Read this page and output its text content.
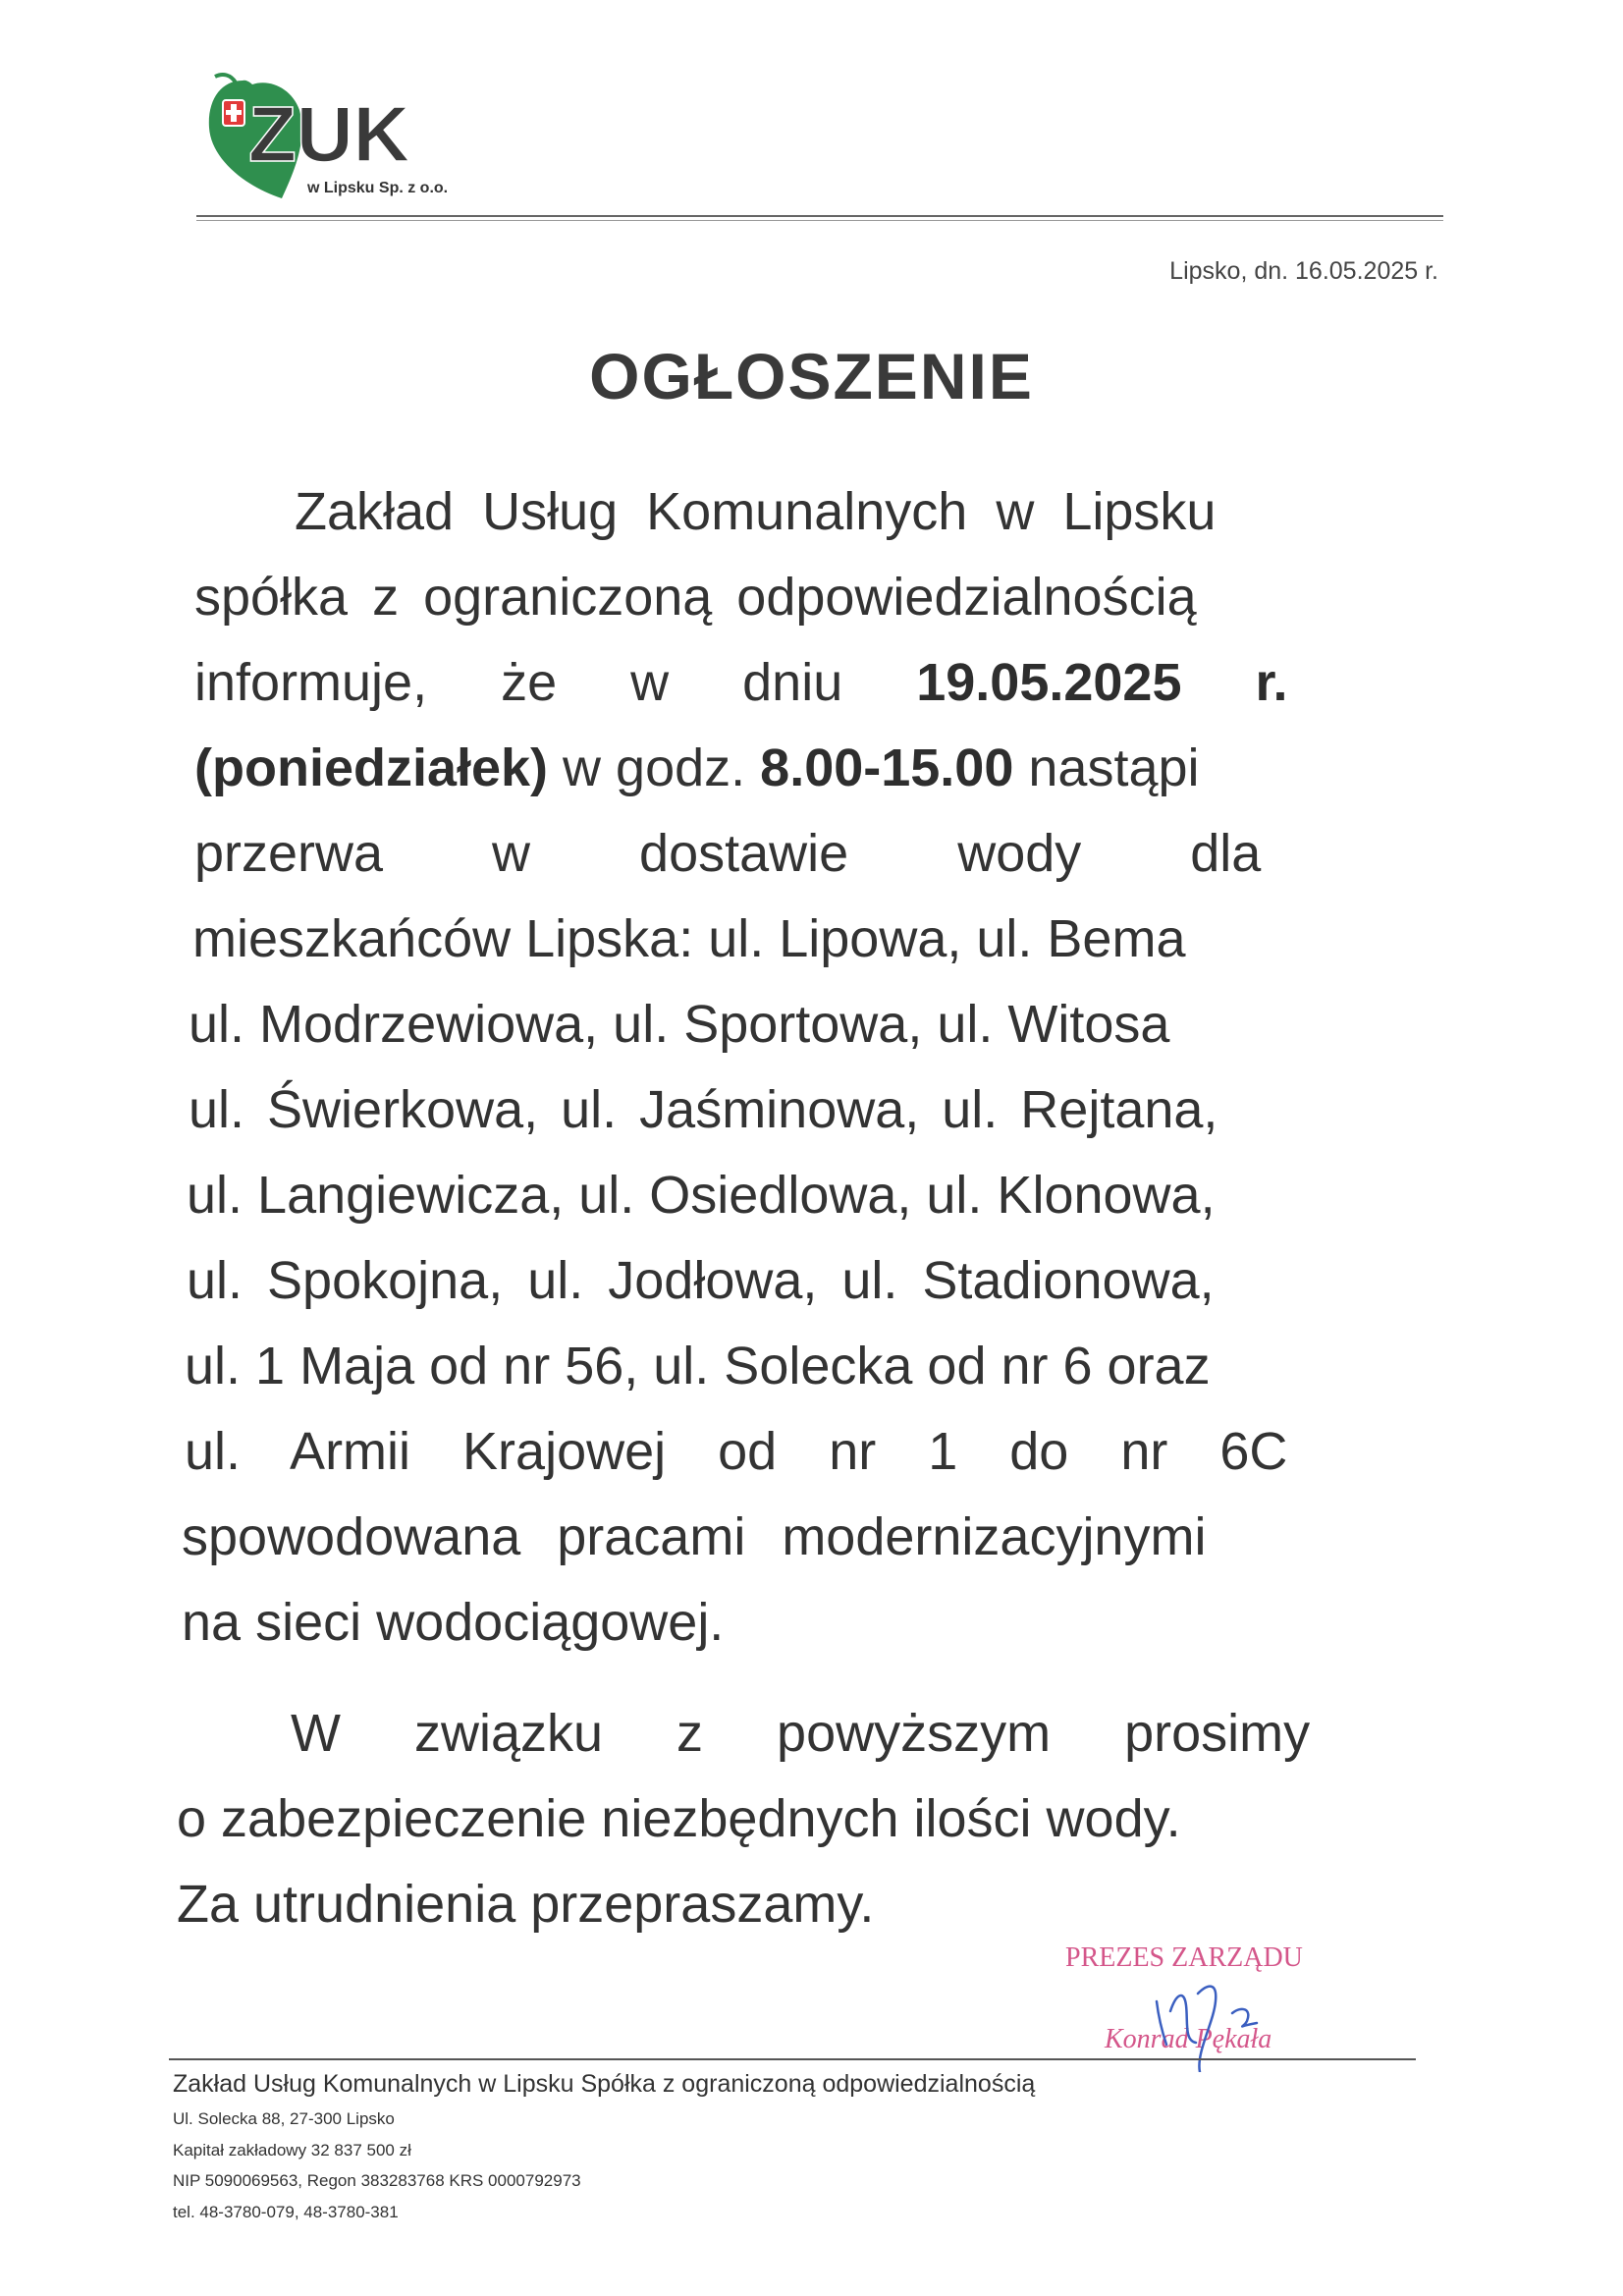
ZUK
w Lipsku Sp. z o.o.
Lipsko, dn. 16.05.2025 r.
OGŁOSZENIE
Zakład Usług Komunalnych w Lipsku
spółka z ograniczoną odpowiedzialnością
informuje, że w dniu 19.05.2025 r.
(poniedziałek) w godz. 8.00-15.00 nastąpi
przerwa w dostawie wody dla
mieszkańców Lipska: ul. Lipowa, ul. Bema
ul. Modrzewiowa, ul. Sportowa, ul. Witosa
ul. Świerkowa, ul. Jaśminowa, ul. Rejtana,
ul. Langiewicza, ul. Osiedlowa, ul. Klonowa,
ul. Spokojna, ul. Jodłowa, ul. Stadionowa,
ul. 1 Maja od nr 56, ul. Solecka od nr 6 oraz
ul. Armii Krajowej od nr 1 do nr 6C
spowodowana pracami modernizacyjnymi
na sieci wodociągowej.
W związku z powyższym prosimy
o zabezpieczenie niezbędnych ilości wody.
Za utrudnienia przepraszamy.
PREZES ZARZĄDU
Konrad Pękała
Zakład Usług Komunalnych w Lipsku Spółka z ograniczoną odpowiedzialnością
Ul. Solecka 88, 27-300 Lipsko
Kapitał zakładowy 32 837 500 zł
NIP 5090069563, Regon 383283768 KRS 0000792973
tel. 48-3780-079, 48-3780-381
